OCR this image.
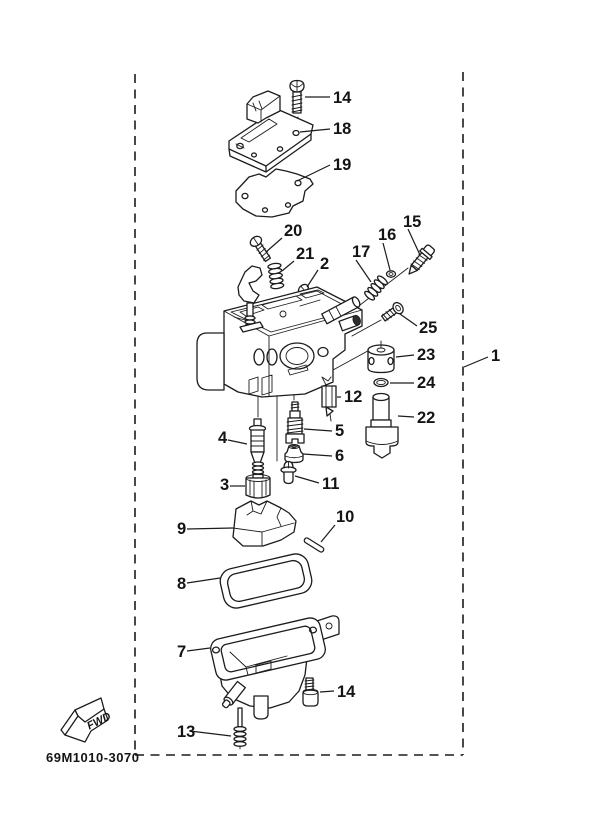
FWD
69M1010-3070
14
18
19
20
21
2
17
16
15
25
1
23
24
22
12
5
4
6
3	11
9
10
8
7
14
13
